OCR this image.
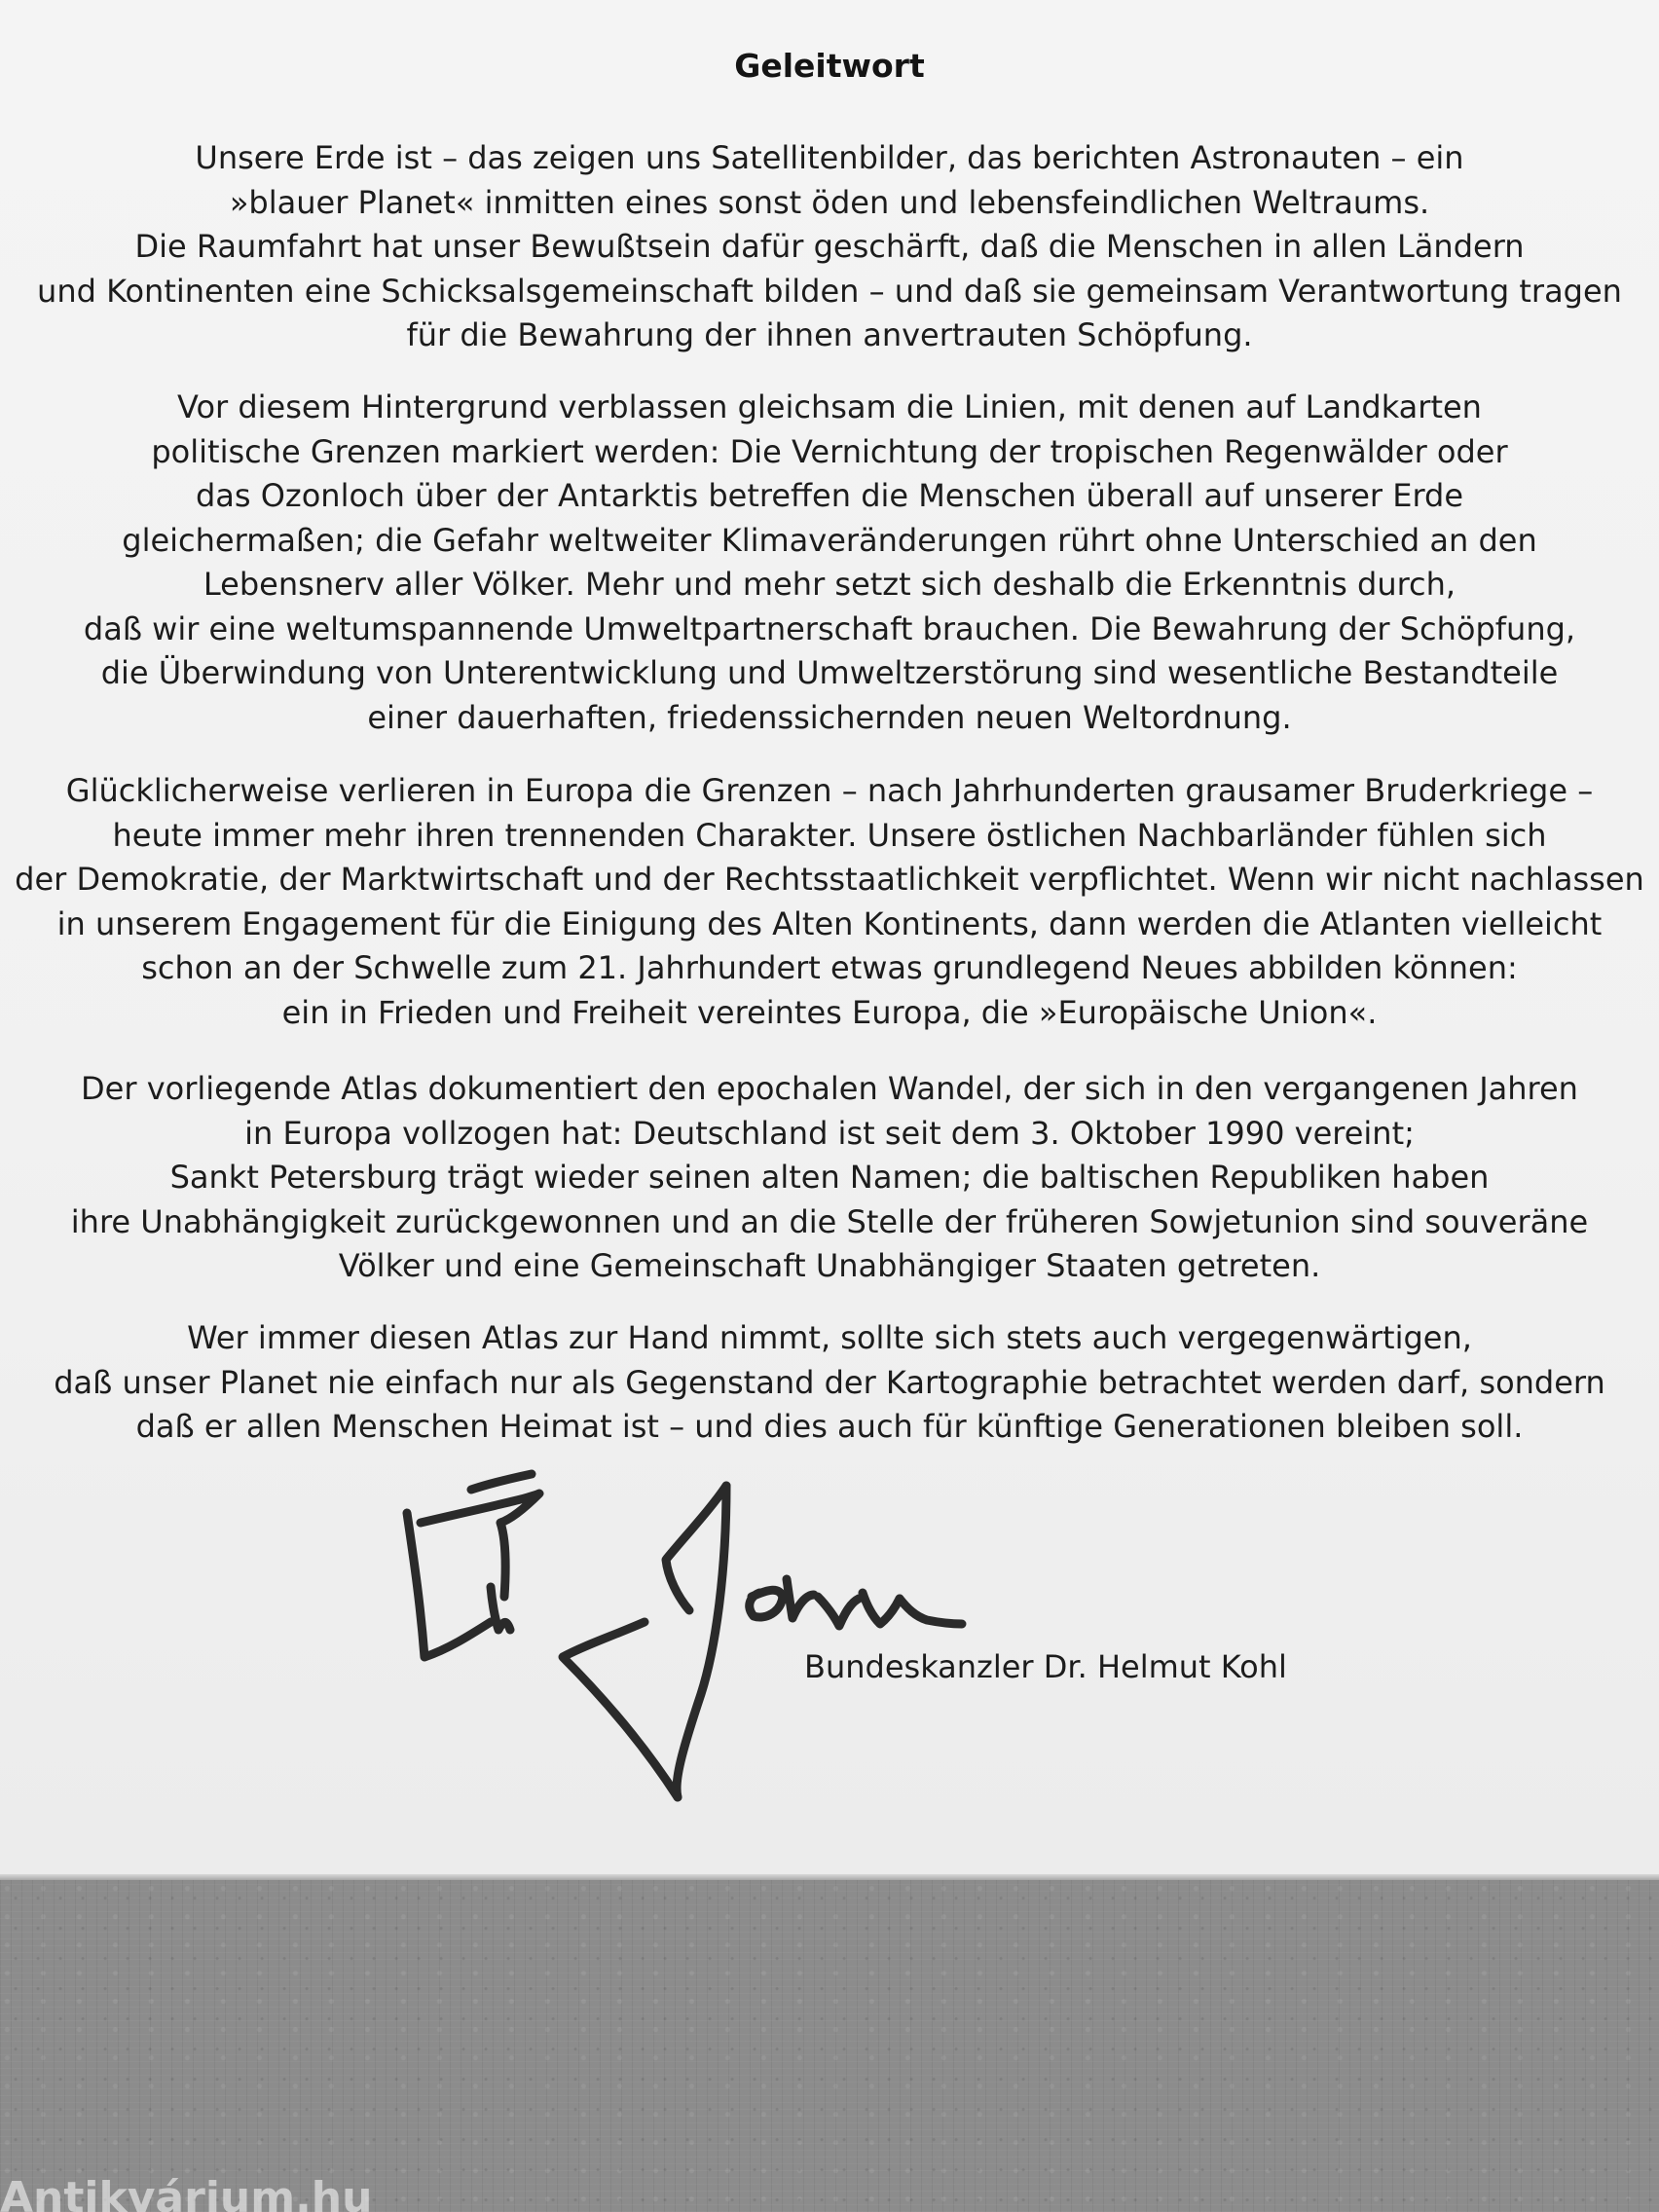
Geleitwort

Unsere Erde ist – das zeigen uns Satellitenbilder, das berichten Astronauten – ein
»blauer Planet« inmitten eines sonst öden und lebensfeindlichen Weltraums.
Die Raumfahrt hat unser Bewußtsein dafür geschärft, daß die Menschen in allen Ländern
und Kontinenten eine Schicksalsgemeinschaft bilden – und daß sie gemeinsam Verantwortung tragen
für die Bewahrung der ihnen anvertrauten Schöpfung.

Vor diesem Hintergrund verblassen gleichsam die Linien, mit denen auf Landkarten
politische Grenzen markiert werden: Die Vernichtung der tropischen Regenwälder oder
das Ozonloch über der Antarktis betreffen die Menschen überall auf unserer Erde
gleichermaßen; die Gefahr weltweiter Klimaveränderungen rührt ohne Unterschied an den
Lebensnerv aller Völker. Mehr und mehr setzt sich deshalb die Erkenntnis durch,
daß wir eine weltumspannende Umweltpartnerschaft brauchen. Die Bewahrung der Schöpfung,
die Überwindung von Unterentwicklung und Umweltzerstörung sind wesentliche Bestandteile
einer dauerhaften, friedenssichernden neuen Weltordnung.

Glücklicherweise verlieren in Europa die Grenzen – nach Jahrhunderten grausamer Bruderkriege –
heute immer mehr ihren trennenden Charakter. Unsere östlichen Nachbarländer fühlen sich
der Demokratie, der Marktwirtschaft und der Rechtsstaatlichkeit verpflichtet. Wenn wir nicht nachlassen
in unserem Engagement für die Einigung des Alten Kontinents, dann werden die Atlanten vielleicht
schon an der Schwelle zum 21. Jahrhundert etwas grundlegend Neues abbilden können:
ein in Frieden und Freiheit vereintes Europa, die »Europäische Union«.

Der vorliegende Atlas dokumentiert den epochalen Wandel, der sich in den vergangenen Jahren
in Europa vollzogen hat: Deutschland ist seit dem 3. Oktober 1990 vereint;
Sankt Petersburg trägt wieder seinen alten Namen; die baltischen Republiken haben
ihre Unabhängigkeit zurückgewonnen und an die Stelle der früheren Sowjetunion sind souveräne
Völker und eine Gemeinschaft Unabhängiger Staaten getreten.

Wer immer diesen Atlas zur Hand nimmt, sollte sich stets auch vergegenwärtigen,
daß unser Planet nie einfach nur als Gegenstand der Kartographie betrachtet werden darf, sondern
daß er allen Menschen Heimat ist – und dies auch für künftige Generationen bleiben soll.

Bundeskanzler Dr. Helmut Kohl

Antikvárium.hu
